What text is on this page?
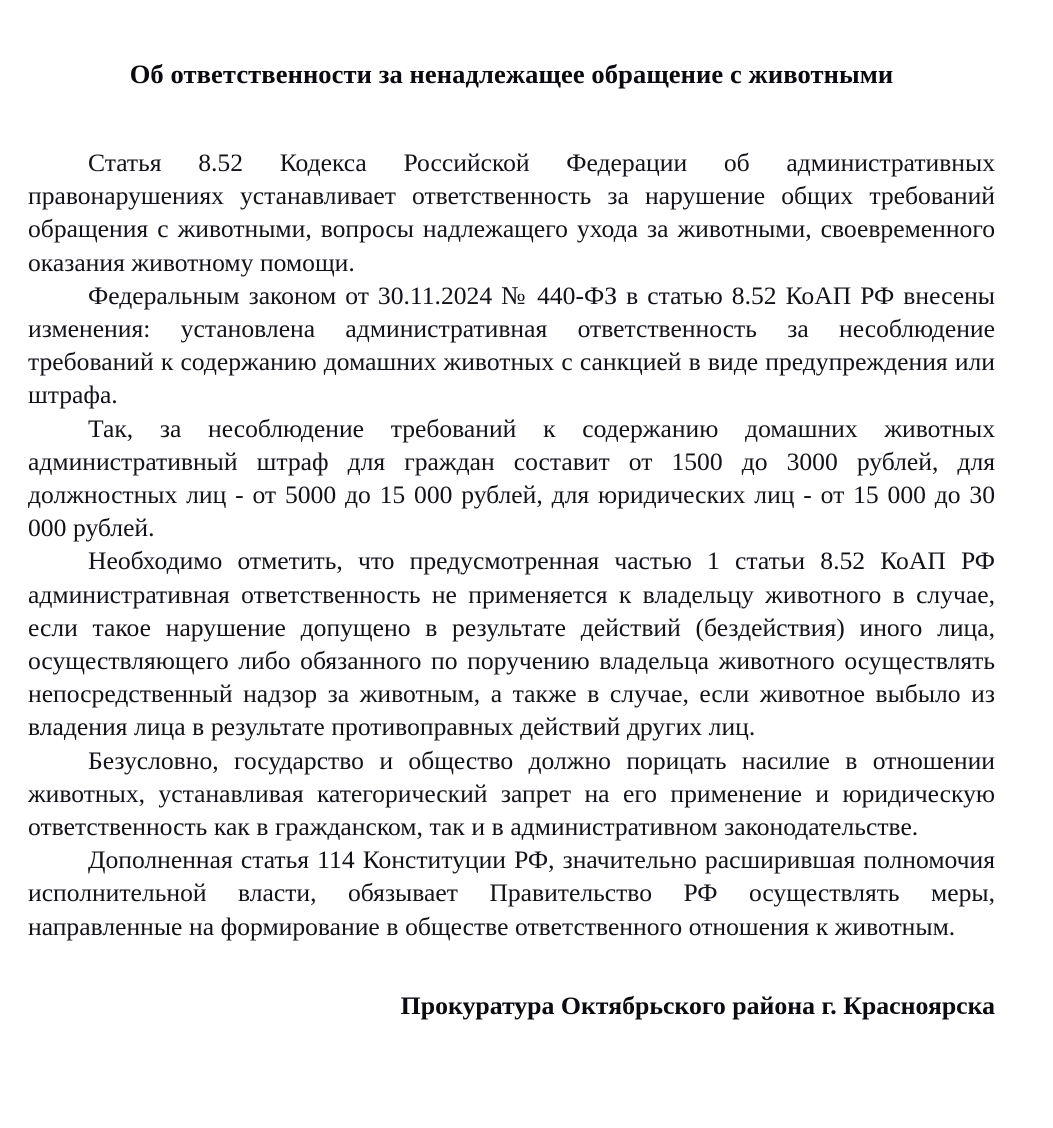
Об ответственности за ненадлежащее обращение с животными

Статья 8.52 Кодекса Российской Федерации об административных правонарушениях устанавливает ответственность за нарушение общих требований обращения с животными, вопросы надлежащего ухода за животными, своевременного оказания животному помощи.

Федеральным законом от 30.11.2024 № 440-ФЗ в статью 8.52 КоАП РФ внесены изменения: установлена административная ответственность за несоблюдение требований к содержанию домашних животных с санкцией в виде предупреждения или штрафа.

Так, за несоблюдение требований к содержанию домашних животных административный штраф для граждан составит от 1500 до 3000 рублей, для должностных лиц - от 5000 до 15 000 рублей, для юридических лиц - от 15 000 до 30 000 рублей.

Необходимо отметить, что предусмотренная частью 1 статьи 8.52 КоАП РФ административная ответственность не применяется к владельцу животного в случае, если такое нарушение допущено в результате действий (бездействия) иного лица, осуществляющего либо обязанного по поручению владельца животного осуществлять непосредственный надзор за животным, а также в случае, если животное выбыло из владения лица в результате противоправных действий других лиц.

Безусловно, государство и общество должно порицать насилие в отношении животных, устанавливая категорический запрет на его применение и юридическую ответственность как в гражданском, так и в административном законодательстве.

Дополненная статья 114 Конституции РФ, значительно расширившая полномочия исполнительной власти, обязывает Правительство РФ осуществлять меры, направленные на формирование в обществе ответственного отношения к животным.

Прокуратура Октябрьского района г. Красноярска
